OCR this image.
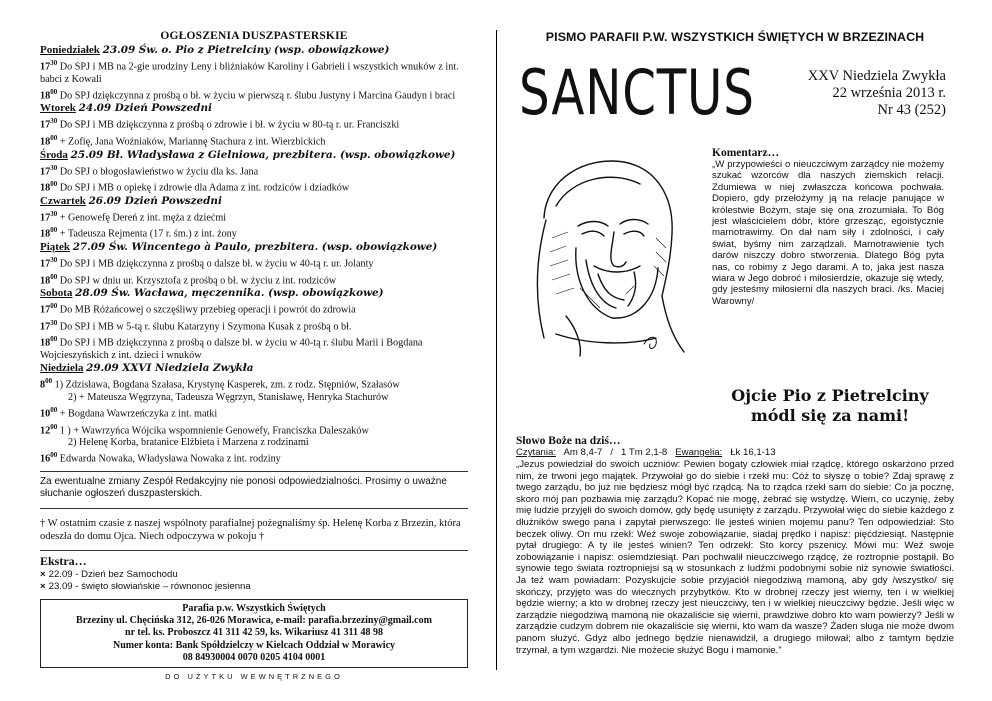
OGŁOSZENIA DUSZPASTERSKIE
Poniedziałek 23.09 Św. o. Pio z Pietrelciny (wsp. obowiązkowe)
$17^{30}$ Do SPJ i MB na 2-gie urodziny Leny i bliźniaków Karoliny i Gabrieli i wszystkich wnuków z int. babci z Kowali
$18^{00}$ Do SPJ dziękczynna z prośbą o bł. w życiu w pierwszą r. ślubu Justyny i Marcina Gaudyn i braci
Wtorek 24.09 Dzień Powszedni
$17^{30}$ Do SPJ i MB dziękczynna z prośbą o zdrowie i bł. w życiu w 80-tą r. ur. Franciszki
$18^{00}$ + Zofię, Jana Woźniaków, Mariannę Stachura z int. Wierzbickich
Środa 25.09 Bł. Władysława z Gielniowa, prezbitera. (wsp. obowiązkowe)
$17^{30}$ Do SPJ o błogosławieństwo w życiu dla ks. Jana
$18^{00}$ Do SPJ i MB o opiekę i zdrowie dla Adama z int. rodziców i dziadków
Czwartek 26.09 Dzień Powszedni
$17^{30}$ + Genowefę Dereń z int. męża z dziećmi
$18^{00}$ + Tadeusza Rejmenta (17 r. śm.) z int. żony
Piątek 27.09 Św. Wincentego à Paulo, prezbitera. (wsp. obowiązkowe)
$17^{30}$ Do SPJ i MB dziękczynna z prośbą o dalsze bł. w życiu w 40-tą r. ur. Jolanty
$18^{00}$ Do SPJ w dniu ur. Krzysztofa z prośbą o bł. w życiu z int. rodziców
Sobota 28.09 Św. Wacława, męczennika. (wsp. obowiązkowe)
$17^{00}$ Do MB Różańcowej o szczęśliwy przebieg operacji i powrót do zdrowia
$17^{30}$ Do SPJ i MB w 5-tą r. ślubu Katarzyny i Szymona Kusak z prośbą o bł.
$18^{00}$ Do SPJ i MB dziękczynna z prośbą o dalsze bł. w życiu w 40-tą r. ślubu Marii i Bogdana Wojcieszyńskich z int. dzieci i wnuków
Niedziela 29.09 XXVI Niedziela Zwykła
$8^{00}$ 1) Zdzisława, Bogdana Szałasa, Krystynę Kasperek, zm. z rodz. Stępniów, Szałasów
2) + Mateusza Węgrzyna, Tadeusza Węgrzyn, Stanisławę, Henryka Stachurów
$10^{00}$ + Bogdana Wawrzeńczyka z int. matki
$12^{00}$ 1 ) + Wawrzyńca Wójcika wspomnienie Genowefy, Franciszka Daleszaków
2) Helenę Korba, bratanice Elżbieta i Marzena z rodzinami
$16^{00}$ Edwarda Nowaka, Władysława Nowaka z int. rodziny
Za ewentualne zmiany Zespół Redakcyjny nie ponosi odpowiedzialności. Prosimy o uważne słuchanie ogłoszeń duszpasterskich.
† W ostatnim czasie z naszej wspólnoty parafialnej pożegnaliśmy śp. Helenę Korba z Brzezin, która odeszła do domu Ojca. Niech odpoczywa w pokoju †
Ekstra…
× 22.09 - Dzień bez Samochodu
× 23.09 - święto słowiańskie – równonoc jesienna
Parafia p.w. Wszystkich Świętych
Brzeziny ul. Chęcińska 312, 26-026 Morawica, e-mail: parafia.brzeziny@gmail.com
nr tel. ks. Proboszcz 41 311 42 59, ks. Wikariusz 41 311 48 98
Numer konta: Bank Spółdzielczy w Kielcach Oddział w Morawicy
08 84930004 0070 0205 4104 0001
DO UŻYTKU WEWNĘTRZNEGO
PISMO PARAFII P.W. WSZYSTKICH ŚWIĘTYCH W BRZEZINACH
SANCTUS	XXV Niedziela Zwykła
22 września 2013 r.
Nr 43 (252)
Komentarz…
„W przypowieści o nieuczciwym zarządcy nie możemy szukać wzorców dla naszych ziemskich relacji. Zdumiewa w niej zwłaszcza końcowa pochwała. Dopiero, gdy przełożymy ją na relacje panujące w królestwie Bożym, staje się ona zrozumiała. To Bóg jest właścicielem dóbr, które grzesząc, egoistycznie marnotrawimy. On dał nam siły i zdolności, i cały świat, byśmy nim zarządzali. Marnotrawienie tych darów niszczy dobro stworzenia. Dlatego Bóg pyta nas, co robimy z Jego darami. A to, jaka jest nasza wiara w Jego dobroć i miłosierdzie, okazuje się wtedy, gdy jesteśmy miłosierni dla naszych braci. /ks. Maciej Warowny/
Ojcie Pio z Pietrelciny
módl się za nami!
Słowo Boże na dziś…
Czytania:   Am 8,4-7   /   1 Tm 2,1-8   Ewangelia:   Łk 16,1-13
„Jezus powiedział do swoich uczniów: Pewien bogaty człowiek miał rządcę, którego oskarżono przed nim, że trwoni jego majątek. Przywołał go do siebie i rzekł mu: Cóż to słyszę o tobie? Zdaj sprawę z twego zarządu, bo już nie będziesz mógł być rządcą. Na to rządca rzekł sam do siebie: Co ja pocznę, skoro mój pan pozbawia mię zarządu? Kopać nie mogę, żebrać się wstydzę. Wiem, co uczynię, żeby mię ludzie przyjęli do swoich domów, gdy będę usunięty z zarządu. Przywołał więc do siebie każdego z dłużników swego pana i zapytał pierwszego: Ile jesteś winien mojemu panu? Ten odpowiedział: Sto beczek oliwy. On mu rzekł: Weź swoje zobowiązanie, siadaj prędko i napisz: pięćdziesiąt. Następnie pytał drugiego: A ty ile jesteś winien? Ten odrzekł: Sto korcy pszenicy. Mówi mu: Weź swoje zobowiązanie i napisz: osiemdziesiąt. Pan pochwalił nieuczciwego rządcę, że roztropnie postąpił. Bo synowie tego świata roztropniejsi są w stosunkach z ludźmi podobnymi sobie niż synowie światłości. Ja też wam powiadam: Pozyskujcie sobie przyjaciół niegodziwą mamoną, aby gdy /wszystko/ się skończy, przyjęto was do wiecznych przybytków. Kto w drobnej rzeczy jest wierny, ten i w wielkiej będzie wierny; a kto w drobnej rzeczy jest nieuczciwy, ten i w wielkiej nieuczciwy będzie. Jeśli więc w zarządzie niegodziwą mamoną nie okazaliście się wierni, prawdziwe dobro kto wam powierzy? Jeśli w zarządzie cudzym dobrem nie okazaliście się wierni, kto wam da wasze? Żaden sługa nie może dwom panom służyć. Gdyż albo jednego będzie nienawidził, a drugiego miłował; albo z tamtym będzie trzymał, a tym wzgardzi. Nie możecie służyć Bogu i mamonie.”
